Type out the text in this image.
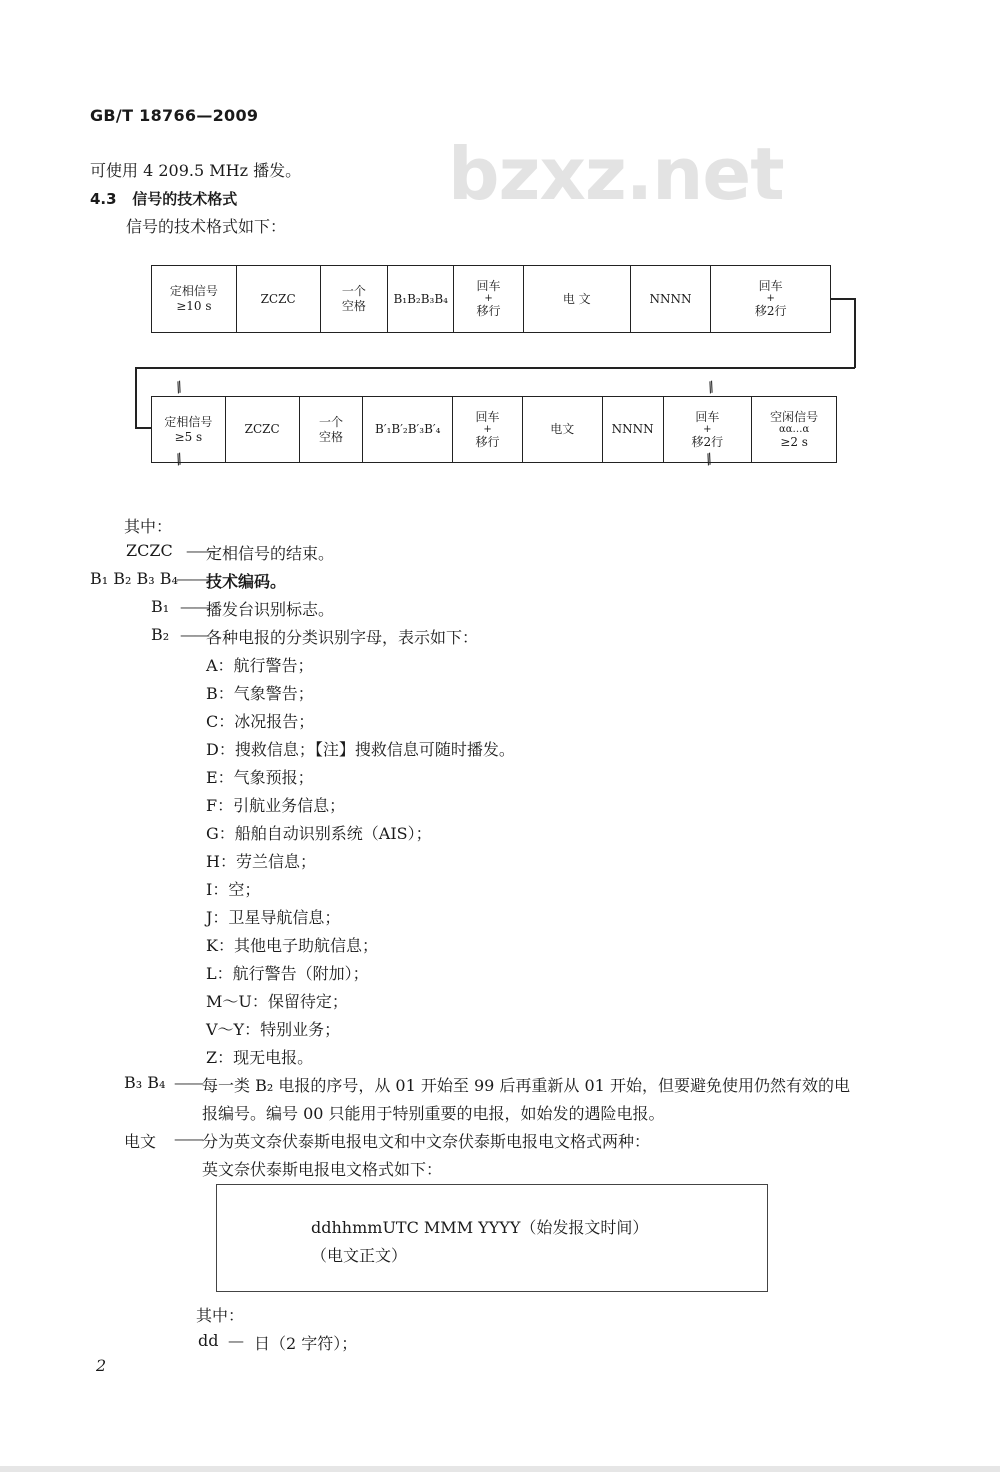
GB/T 18766—2009
bzxz.net
可使用 4 209.5 MHz 播发。
4.3 信号的技术格式
信号的技术格式如下：
定相信号
≥10 s
ZCZC
一个
空格
B₁B₂B₃B₄
回车
+
移行
电 文	NNNN
回车
+
移2行
定相信号
≥5 s
ZCZC
一个
空格
B′₁B′₂B′₃B′₄
回车
+
移行
电文	NNNN
回车
+
移2行
空闲信号
αα…α
≥2 s
//
//
//
//
其中：
ZCZC ——
定相信号的结束。
B₁ B₂ B₃ B₄
———
技术编码。
B₁ ——
播发台识别标志。
B₂ ——
各种电报的分类识别字母，表示如下：
A：航行警告；
B：气象警告；
C：冰况报告；
D：搜救信息；【注】搜救信息可随时播发。
E：气象预报；
F：引航业务信息；
G：船舶自动识别系统（AIS）；
H：劳兰信息；
I：空；
J：卫星导航信息；
K：其他电子助航信息；
L：航行警告（附加）；
M～U：保留待定；
V～Y：特别业务；
Z：现无电报。
B₃ B₄ —— 每一类 B₂ 电报的序号，从 01 开始至 99 后再重新从 01 开始，但要避免使用仍然有效的电
报编号。编号 00 只能用于特别重要的电报，如始发的遇险电报。
电文 —— 分为英文奈伏泰斯电报电文和中文奈伏泰斯电报电文格式两种：
英文奈伏泰斯电报电文格式如下：
ddhhmmUTC MMM YYYY（始发报文时间）
（电文正文）
其中：
dd — 日（2 字符）；
2
